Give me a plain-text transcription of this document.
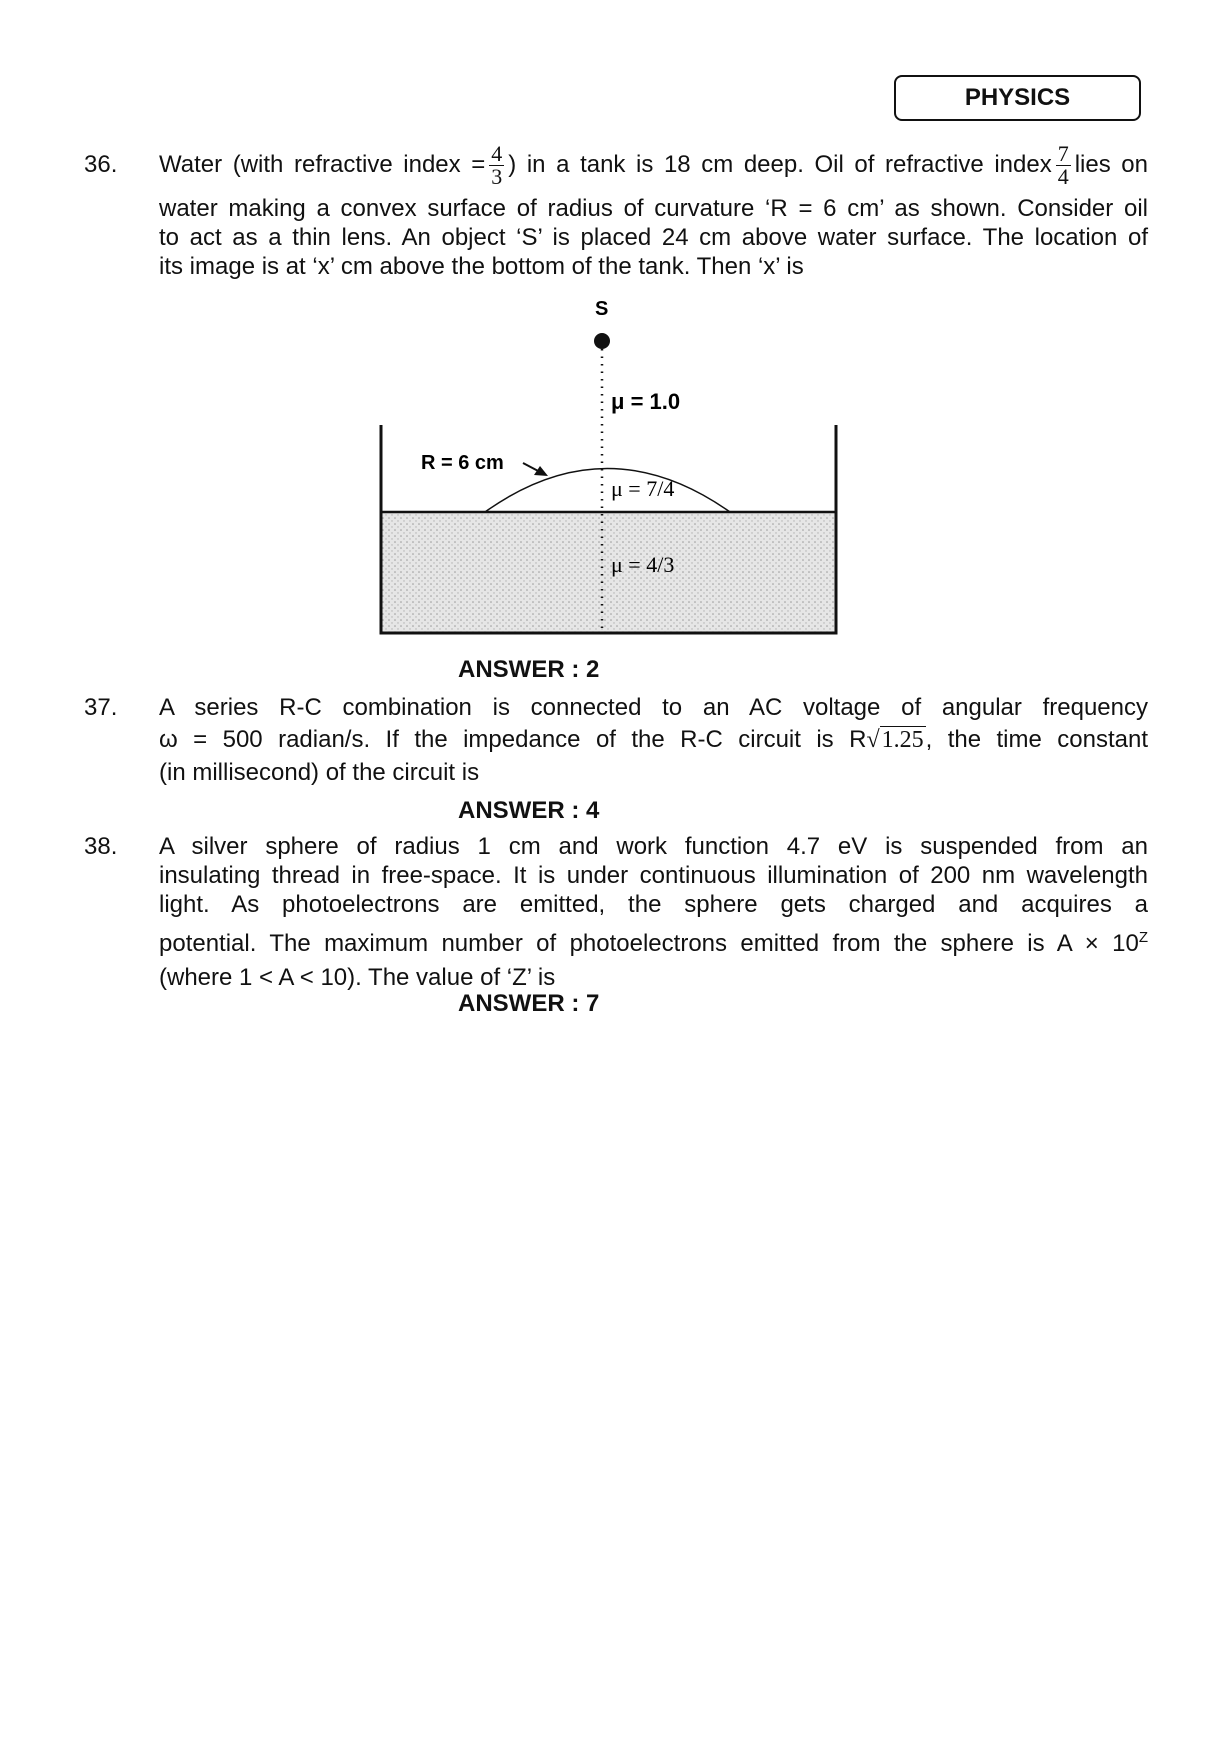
PHYSICS
36. Water (with refractive index = $\frac{4}{3}$ ) in a tank is 18 cm deep. Oil of refractive index $\frac{7}{4}$ lies on
water making a convex surface of radius of curvature ‘R = 6 cm’ as shown. Consider oil
to act as a thin lens. An object ‘S’ is placed 24 cm above water surface. The location of
its image is at ‘x’ cm above the bottom of the tank. Then ‘x’ is
S
μ = 1.0
R = 6 cm
μ = 7/4
μ = 4/3
ANSWER : 2
37. A series R-C combination is connected to an AC voltage of angular frequency
ω = 500 radian/s. If the impedance of the R-C circuit is R√1.25, the time constant
(in millisecond) of the circuit is
ANSWER : 4
38. A silver sphere of radius 1 cm and work function 4.7 eV is suspended from an
insulating thread in free-space. It is under continuous illumination of 200 nm wavelength
light. As photoelectrons are emitted, the sphere gets charged and acquires a
potential. The maximum number of photoelectrons emitted from the sphere is $A \times 10^Z$
(where 1 < A < 10). The value of ‘Z’ is
ANSWER : 7
